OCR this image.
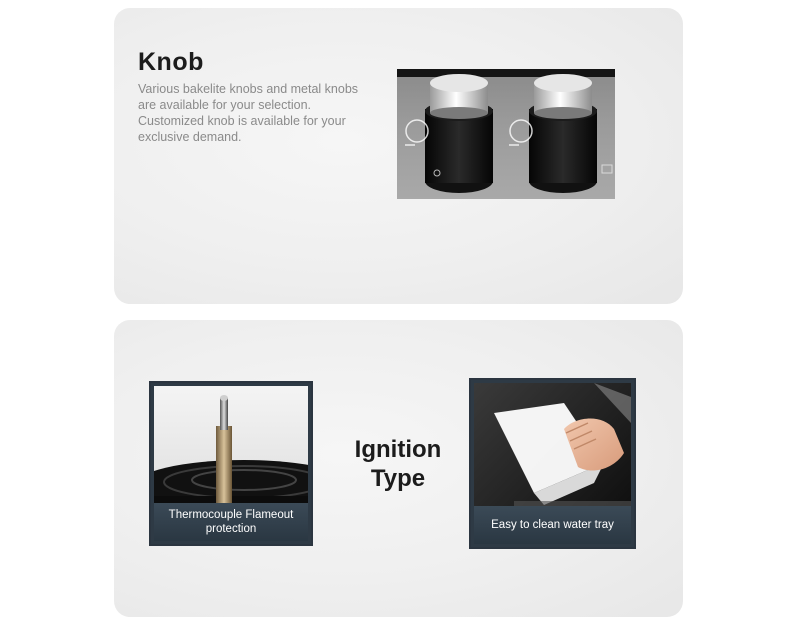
Knob

Various bakelite knobs and metal knobs are available for your selection. Customized knob is available for your exclusive demand.

Thermocouple Flameout protection
Ignition
Type
Easy to clean water tray
